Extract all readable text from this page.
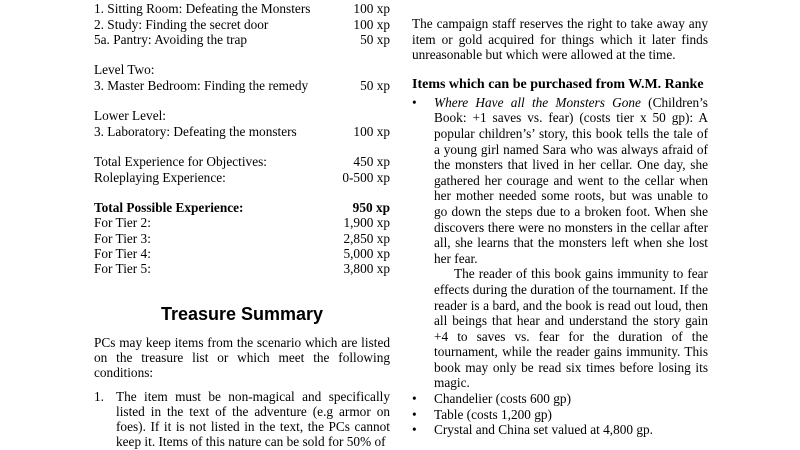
1. Sitting Room: Defeating the Monsters	100 xp
2. Study: Finding the secret door	100 xp
5a. Pantry: Avoiding the trap	50 xp
Level Two:
3. Master Bedroom: Finding the remedy	50 xp
Lower Level:
3. Laboratory: Defeating the monsters	100 xp
Total Experience for Objectives:	450 xp
Roleplaying Experience:	0-500 xp
Total Possible Experience:	950 xp
For Tier 2:	1,900 xp
For Tier 3:	2,850 xp
For Tier 4:	5,000 xp
For Tier 5:	3,800 xp
Treasure Summary
PCs may keep items from the scenario which are listed on the treasure list or which meet the following conditions:
1. The item must be non-magical and specifically listed in the text of the adventure (e.g armor on foes). If it is not listed in the text, the PCs cannot keep it. Items of this nature can be sold for 50% of
The campaign staff reserves the right to take away any item or gold acquired for things which it later finds unreasonable but which were allowed at the time.
Items which can be purchased from W.M. Ranke
•	Where Have all the Monsters Gone (Children’s Book: +1 saves vs. fear) (costs tier x 50 gp): A popular children’s’ story, this book tells the tale of a young girl named Sara who was always afraid of the monsters that lived in her cellar. One day, she gathered her courage and went to the cellar when her mother needed some roots, but was unable to go down the steps due to a broken foot. When she discovers there were no monsters in the cellar after all, she learns that the monsters left when she lost her fear.

The reader of this book gains immunity to fear effects during the duration of the tournament. If the reader is a bard, and the book is read out loud, then all beings that hear and understand the story gain +4 to saves vs. fear for the duration of the tournament, while the reader gains immunity. This book may only be read six times before losing its magic.

•	Chandelier (costs 600 gp)
•	Table (costs 1,200 gp)
•	Crystal and China set valued at 4,800 gp.
